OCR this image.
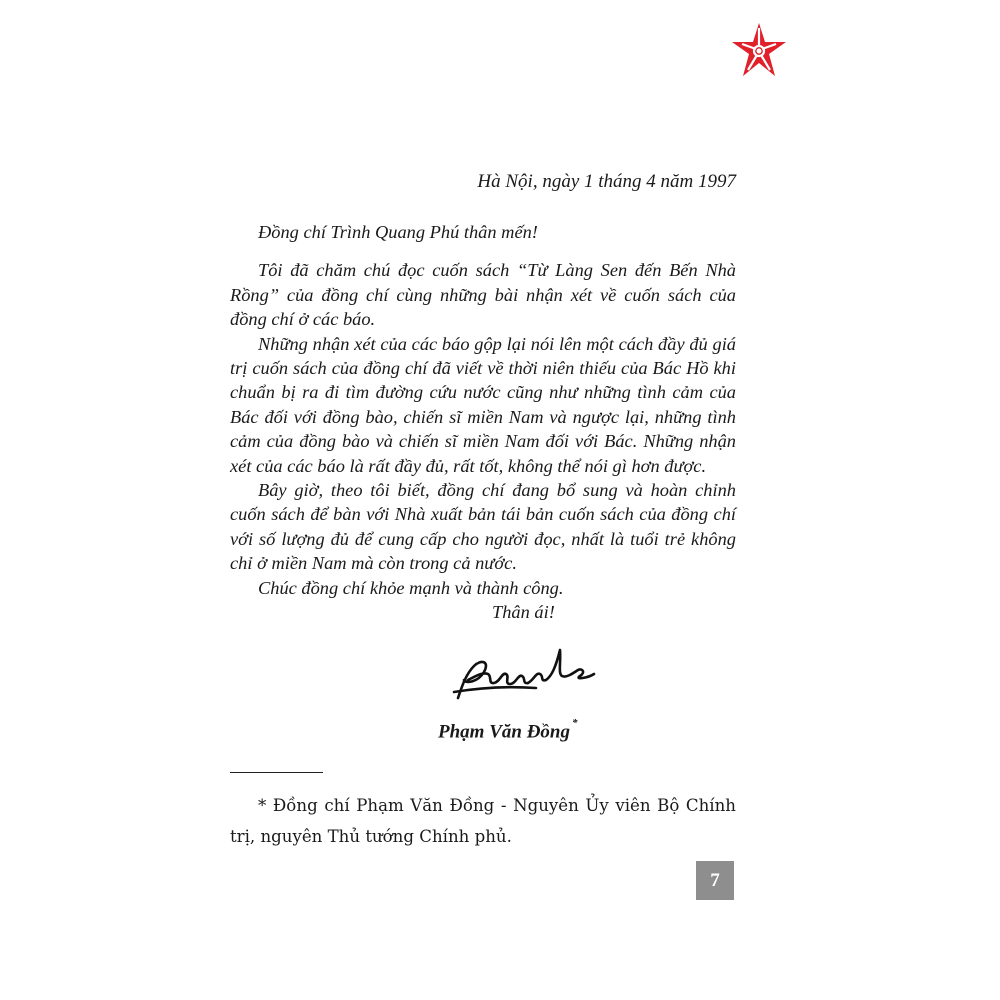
Hà Nội, ngày 1 tháng 4 năm 1997

Đồng chí Trình Quang Phú thân mến!

Tôi đã chăm chú đọc cuốn sách “Từ Làng Sen đến Bến Nhà Rồng” của đồng chí cùng những bài nhận xét về cuốn sách của đồng chí ở các báo.

Những nhận xét của các báo gộp lại nói lên một cách đầy đủ giá trị cuốn sách của đồng chí đã viết về thời niên thiếu của Bác Hồ khi chuẩn bị ra đi tìm đường cứu nước cũng như những tình cảm của Bác đối với đồng bào, chiến sĩ miền Nam và ngược lại, những tình cảm của đồng bào và chiến sĩ miền Nam đối với Bác. Những nhận xét của các báo là rất đầy đủ, rất tốt, không thể nói gì hơn được.

Bây giờ, theo tôi biết, đồng chí đang bổ sung và hoàn chỉnh cuốn sách để bàn với Nhà xuất bản tái bản cuốn sách của đồng chí với số lượng đủ để cung cấp cho người đọc, nhất là tuổi trẻ không chỉ ở miền Nam mà còn trong cả nước.

Chúc đồng chí khỏe mạnh và thành công.

Thân ái!

Phạm Văn Đồng *
* Đồng chí Phạm Văn Đồng - Nguyên Ủy viên Bộ Chính trị, nguyên Thủ tướng Chính phủ.
7
